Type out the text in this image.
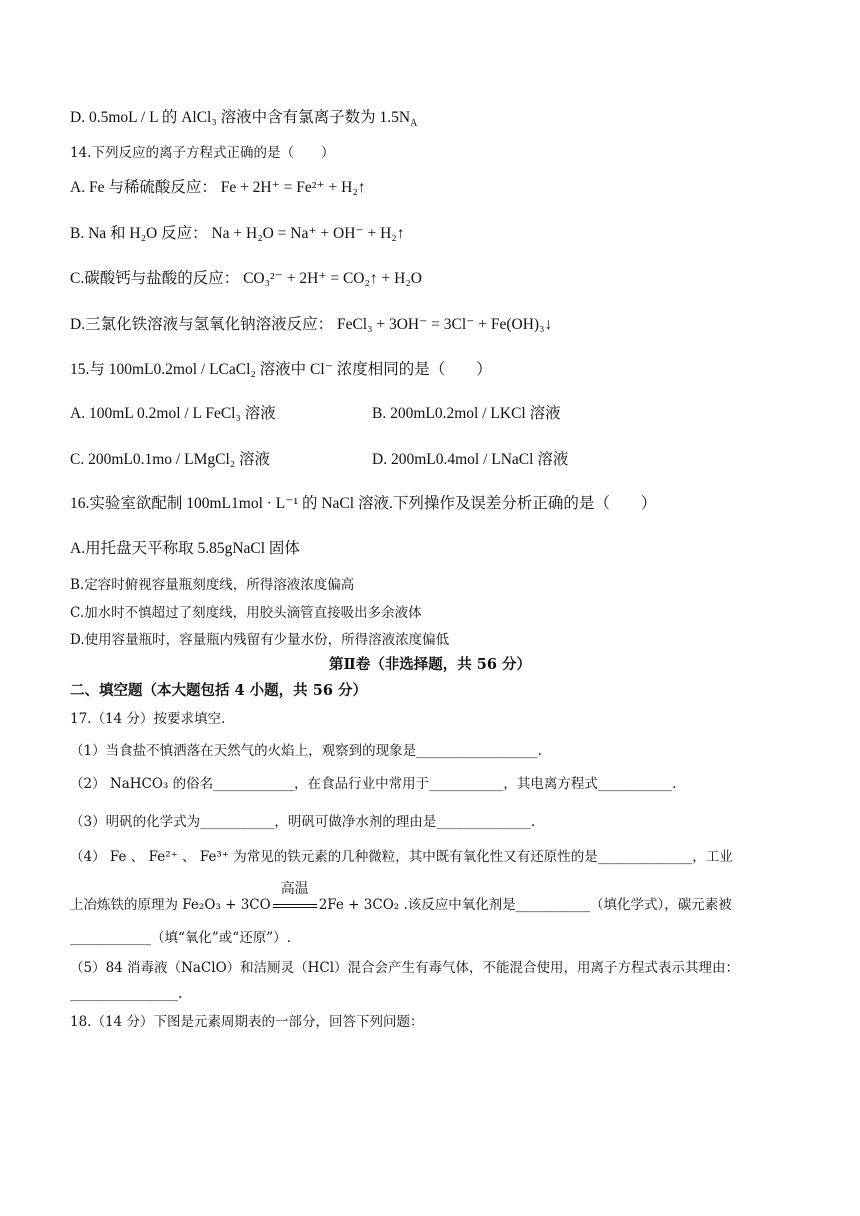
D. 0.5moL / L 的 AlCl₃ 溶液中含有氯离子数为 $1.5N_A$
14.下列反应的离子方程式正确的是（　　）
A. Fe 与稀硫酸反应： Fe + 2H⁺ = Fe²⁺ + H₂↑
B. Na 和 H₂O 反应： Na + H₂O = Na⁺ + OH⁻ + H₂↑
C.碳酸钙与盐酸的反应： CO₃²⁻ + 2H⁺ = CO₂↑ + H₂O
D.三氯化铁溶液与氢氧化钠溶液反应： FeCl₃ + 3OH⁻ = 3Cl⁻ + Fe(OH)₃↓
15.与 100mL0.2mol / LCaCl₂ 溶液中 Cl⁻ 浓度相同的是（　　）
A. 100mL 0.2mol / L FeCl₃ 溶液	B. 200mL0.2mol / LKCl 溶液
C. 200mL0.1mo / LMgCl₂ 溶液	D. 200mL0.4mol / LNaCl 溶液
16.实验室欲配制 100mL1mol · L⁻¹ 的 NaCl 溶液.下列操作及误差分析正确的是（　　）
A.用托盘天平称取 5.85gNaCl 固体
B.定容时俯视容量瓶刻度线，所得溶液浓度偏高
C.加水时不慎超过了刻度线，用胶头滴管直接吸出多余液体
D.使用容量瓶时，容量瓶内残留有少量水份，所得溶液浓度偏低
第Ⅱ卷（非选择题，共 56 分）
二、填空题（本大题包括 4 小题，共 56 分）
17.（14 分）按要求填空.
（1）当食盐不慎洒落在天然气的火焰上，观察到的现象是__________________.
（2） NaHCO₃ 的俗名____________，在食品行业中常用于___________，其电离方程式___________.
（3）明矾的化学式为___________，明矾可做净水剂的理由是______________.
（4） Fe 、 Fe²⁺ 、 Fe³⁺ 为常见的铁元素的几种微粒，其中既有氧化性又有还原性的是______________，工业
上冶炼铁的原理为 Fe₂O₃ + 3CO
高温
2Fe + 3CO₂ .该反应中氧化剂是___________（填化学式），碳元素被
____________（填“氧化”或“还原”）.
（5）84 消毒液（NaClO）和洁厕灵（HCl）混合会产生有毒气体，不能混合使用，用离子方程式表示其理由：
________________.
18.（14 分）下图是元素周期表的一部分，回答下列问题：
